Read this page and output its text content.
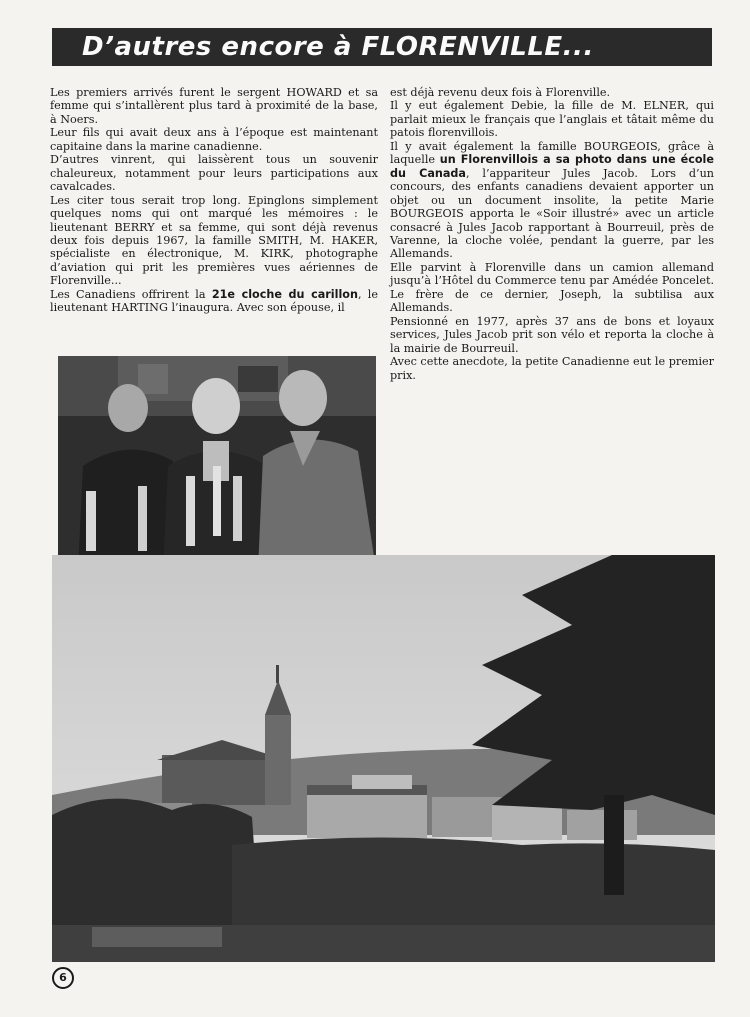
D’autres encore à FLORENVILLE...

Les premiers arrivés furent le sergent HOWARD et sa femme qui s’intallèrent plus tard à proximité de la base, à Noers.

Leur fils qui avait deux ans à l’époque est maintenant capitaine dans la marine canadienne.

D’autres vinrent, qui laissèrent tous un souvenir chaleureux, notamment pour leurs participations aux cavalcades.

Les citer tous serait trop long. Epinglons simplement quelques noms qui ont marqué les mémoires : le lieutenant BERRY et sa femme, qui sont déjà revenus deux fois depuis 1967, la famille SMITH, M. HAKER, spécialiste en électronique, M. KIRK, photographe d’aviation qui prit les premières vues aériennes de Florenville...

Les Canadiens offrirent la 21e cloche du carillon, le lieutenant HARTING l’inaugura. Avec son épouse, il

est déjà revenu deux fois à Florenville.

Il y eut également Debie, la fille de M. ELNER, qui parlait mieux le français que l’anglais et tâtait même du patois florenvillois.

Il y avait également la famille BOURGEOIS, grâce à laquelle un Florenvillois a sa photo dans une école du Canada, l’appariteur Jules Jacob. Lors d’un concours, des enfants canadiens devaient apporter un objet ou un document insolite, la petite Marie BOURGEOIS apporta le «Soir illustré» avec un article consacré à Jules Jacob rapportant à Bourreuil, près de Varenne, la cloche volée, pendant la guerre, par les Allemands.

Elle parvint à Florenville dans un camion allemand jusqu’à l’Hôtel du Commerce tenu par Amédée Poncelet. Le frère de ce dernier, Joseph, la subtilisa aux Allemands.

Pensionné en 1977, après 37 ans de bons et loyaux services, Jules Jacob prit son vélo et reporta la cloche à la mairie de Bourreuil.

Avec cette anecdote, la petite Canadienne eut le premier prix.

6
